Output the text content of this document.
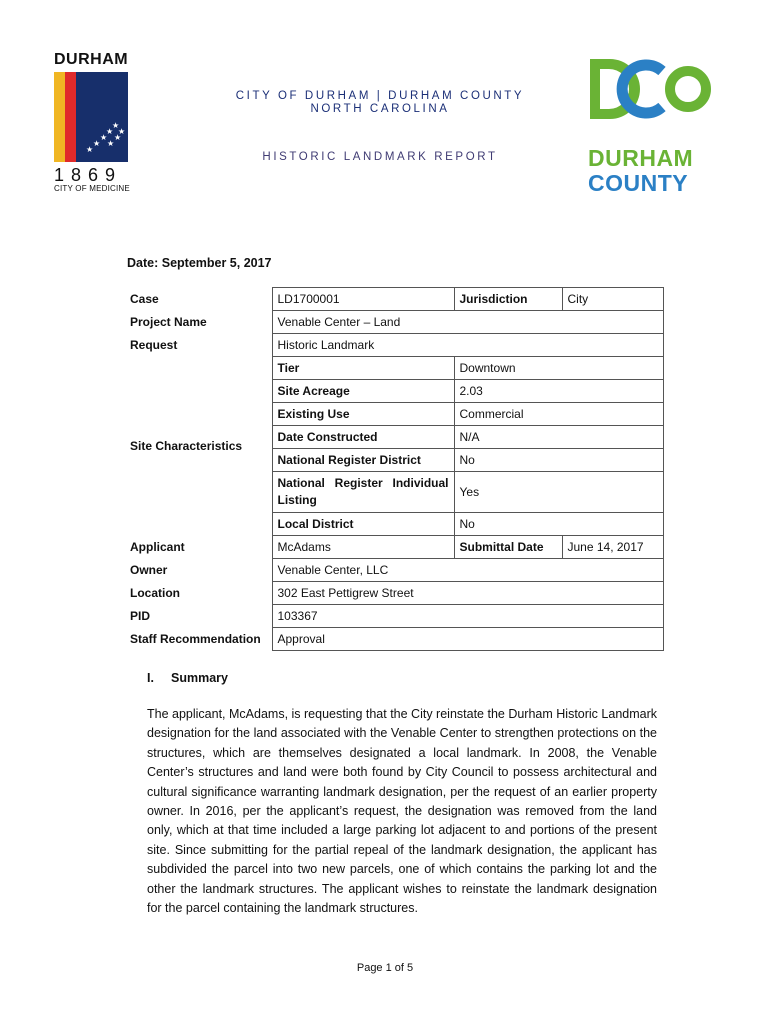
DURHAM
★
★
★
★
★
★
★
★
1869
CITY OF MEDICINE
CITY OF DURHAM | DURHAM COUNTY
NORTH CAROLINA
HISTORIC LANDMARK REPORT	DURHAM
COUNTY
Date: September 5, 2017
Case	LD1700001	Jurisdiction	City
Project Name	Venable Center – Land		
Request	Historic Landmark		
Site Characteristics	Tier	Downtown	
	Site Acreage	2.03	
	Existing Use	Commercial	
	Date Constructed	N/A	
	National Register District	No	
	National Register Individual Listing	Yes	
	Local District	No	
Applicant	McAdams	Submittal Date	June 14, 2017
Owner	Venable Center, LLC		
Location	302 East Pettigrew Street		
PID	103367		
Staff Recommendation	Approval		
I. Summary
The applicant, McAdams, is requesting that the City reinstate the Durham Historic Landmark designation for the land associated with the Venable Center to strengthen protections on the structures, which are themselves designated a local landmark. In 2008, the Venable Center’s structures and land were both found by City Council to possess architectural and cultural significance warranting landmark designation, per the request of an earlier property owner. In 2016, per the applicant’s request, the designation was removed from the land only, which at that time included a large parking lot adjacent to and portions of the present site. Since submitting for the partial repeal of the landmark designation, the applicant has subdivided the parcel into two new parcels, one of which contains the parking lot and the other the landmark structures. The applicant wishes to reinstate the landmark designation for the parcel containing the landmark structures.
Page 1 of 5
